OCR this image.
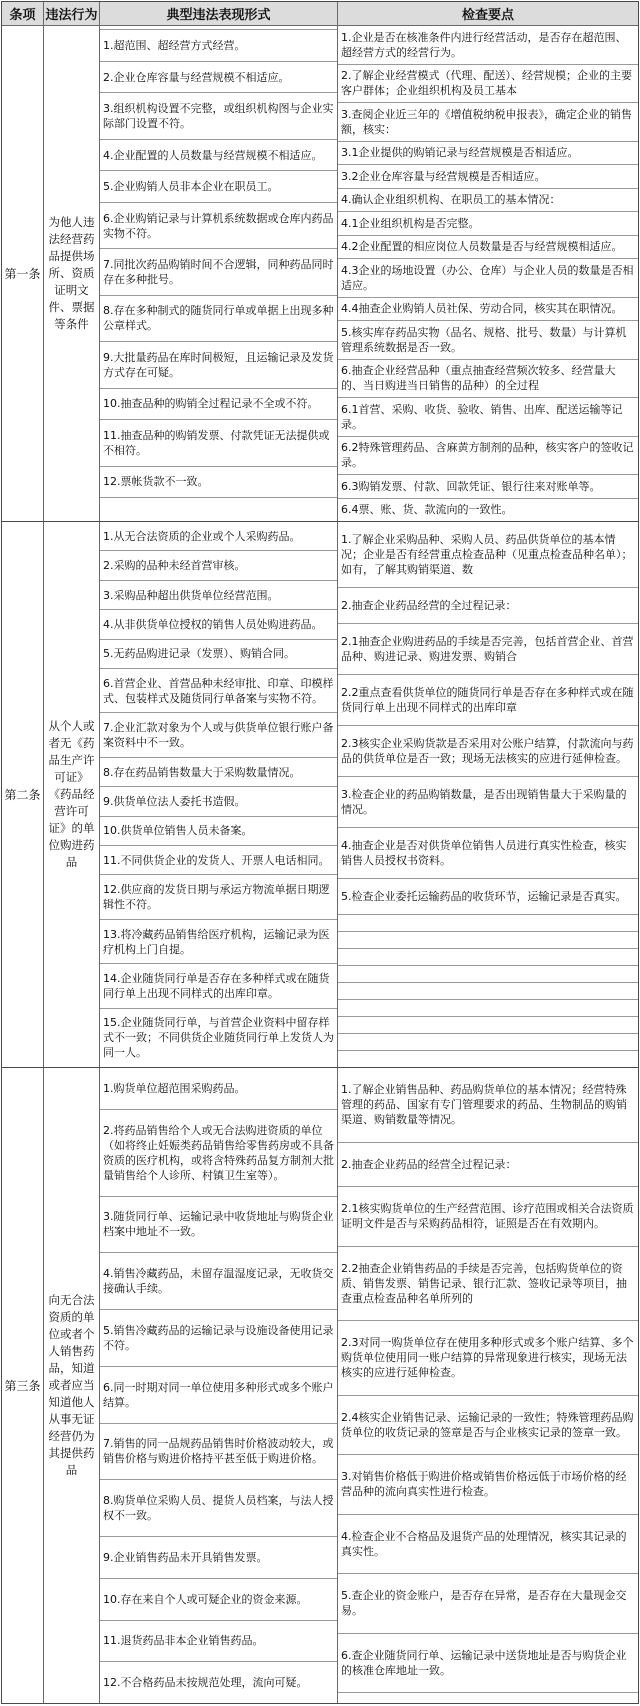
条项 违法行为	典型违法表现形式	检查要点
第一条
为他人违法经营药品提供场所、资质证明文件、票据等条件
1.超范围、超经营方式经营。
2.企业仓库容量与经营规模不相适应。
3.组织机构设置不完整，或组织机构图与企业实际部门设置不符。
4.企业配置的人员数量与经营规模不相适应。
5.企业购销人员非本企业在职员工。
6.企业购销记录与计算机系统数据或仓库内药品实物不符。
7.同批次药品购销时间不合逻辑，同种药品同时存在多种批号。
8.存在多种制式的随货同行单或单据上出现多种公章样式。
9.大批量药品在库时间极短，且运输记录及发货方式存在可疑。
10.抽查品种的购销全过程记录不全或不符。
11.抽查品种的购销发票、付款凭证无法提供或不相符。
12.票帐货款不一致。
1.企业是否在核准条件内进行经营活动，是否存在超范围、超经营方式的经营行为。
2.了解企业经营模式（代理、配送）、经营规模；企业的主要客户群体；企业组织机构及员工基本
3.查阅企业近三年的《增值税纳税申报表》，确定企业的销售额，核实：
3.1企业提供的购销记录与经营规模是否相适应。
3.2企业仓库容量与经营规模是否相适应。
4.确认企业组织机构、在职员工的基本情况：
4.1企业组织机构是否完整。
4.2企业配置的相应岗位人员数量是否与经营规模相适应。
4.3企业的场地设置（办公、仓库）与企业人员的数量是否相适应。
4.4抽查企业购销人员社保、劳动合同，核实其在职情况。
5.核实库存药品实物（品名、规格、批号、数量）与计算机管理系统数据是否一致。
6.抽查企业经营品种（重点抽查经营频次较多、经营量大的、当日购进当日销售的品种）的全过程
6.1首营、采购、收货、验收、销售、出库、配送运输等记录。
6.2特殊管理药品、含麻黄方制剂的品种，核实客户的签收记录。
6.3购销发票、付款、回款凭证、银行往来对账单等。
6.4票、账、货、款流向的一致性。
第二条
从个人或者无《药品生产许可证》《药品经营许可证》的单位购进药品
1.从无合法资质的企业或个人采购药品。
2.采购的品种未经首营审核。
3.采购品种超出供货单位经营范围。
4.从非供货单位授权的销售人员处购进药品。
5.无药品购进记录（发票）、购销合同。
6.首营企业、首营品种未经审批、印章、印模样式、包装样式及随货同行单备案与实物不符。
7.企业汇款对象为个人或与供货单位银行账户备案资料中不一致。
8.存在药品销售数量大于采购数量情况。
9.供货单位法人委托书造假。
10.供货单位销售人员未备案。
11.不同供货企业的发货人、开票人电话相同。
12.供应商的发货日期与承运方物流单据日期逻辑性不符。
13.将冷藏药品销售给医疗机构，运输记录为医疗机构上门自提。
14.企业随货同行单是否存在多种样式或在随货同行单上出现不同样式的出库印章。
15.企业随货同行单，与首营企业资料中留存样式不一致；不同供货企业随货同行单上发货人为同一人。
1.了解企业采购品种、采购人员、药品供货单位的基本情况；企业是否有经营重点检查品种（见重点检查品种名单）；如有，了解其购销渠道、数
2.抽查企业药品经营的全过程记录：
2.1抽查企业购进药品的手续是否完善，包括首营企业、首营品种、购进记录、购进发票、购销合
2.2重点查看供货单位的随货同行单是否存在多种样式或在随货同行单上出现不同样式的出库印章
2.3核实企业采购货款是否采用对公账户结算，付款流向与药品的供货单位是否一致；现场无法核实的应进行延伸检查。
3.检查企业的药品购销数量，是否出现销售量大于采购量的情况。
4.抽查企业是否对供货单位销售人员进行真实性检查，核实销售人员授权书资料。
5.检查企业委托运输药品的收货环节，运输记录是否真实。
第三条
向无合法资质的单位或者个人销售药品，知道或者应当知道他人从事无证经营仍为其提供药品
1.购货单位超范围采购药品。
2.将药品销售给个人或无合法购进资质的单位（如将终止妊娠类药品销售给零售药房或不具备资质的医疗机构，或将含特殊药品复方制剂大批量销售给个人诊所、村镇卫生室等）。
3.随货同行单、运输记录中收货地址与购货企业档案中地址不一致。
4.销售冷藏药品，未留存温湿度记录，无收货交接确认手续。
5.销售冷藏药品的运输记录与设施设备使用记录不符。
6.同一时期对同一单位使用多种形式或多个账户结算。
7.销售的同一品规药品销售时价格波动较大，或销售价格与购进价格持平甚至低于购进价格。
8.购货单位采购人员、提货人员档案，与法人授权不一致。
9.企业销售药品未开具销售发票。
10.存在来自个人或可疑企业的资金来源。
11.退货药品非本企业销售药品。
12.不合格药品未按规范处理，流向可疑。
1.了解企业销售品种、药品购货单位的基本情况；经营特殊管理的药品、国家有专门管理要求的药品、生物制品的购销渠道、购销数量等情况。
2.抽查企业药品的经营全过程记录：
2.1核实购货单位的生产经营范围、诊疗范围或相关合法资质证明文件是否与采购药品相符，证照是否在有效期内。
2.2抽查企业销售药品的手续是否完善，包括购货单位的资质、销售发票、销售记录、银行汇款、签收记录等项目，抽查重点检查品种名单所列的
2.3对同一购货单位存在使用多种形式或多个账户结算、多个购货单位使用同一账户结算的异常现象进行核实，现场无法核实的应进行延伸检查。
2.4核实企业销售记录、运输记录的一致性；特殊管理药品购货单位的收货记录的签章是否与企业核实记录的签章一致。
3.对销售价格低于购进价格或销售价格远低于市场价格的经营品种的流向真实性进行检查。
4.检查企业不合格品及退货产品的处理情况，核实其记录的真实性。
5.查企业的资金账户，是否存在异常，是否存在大量现金交易。
6.查企业随货同行单、运输记录中送货地址是否与购货企业的核准仓库地址一致。
